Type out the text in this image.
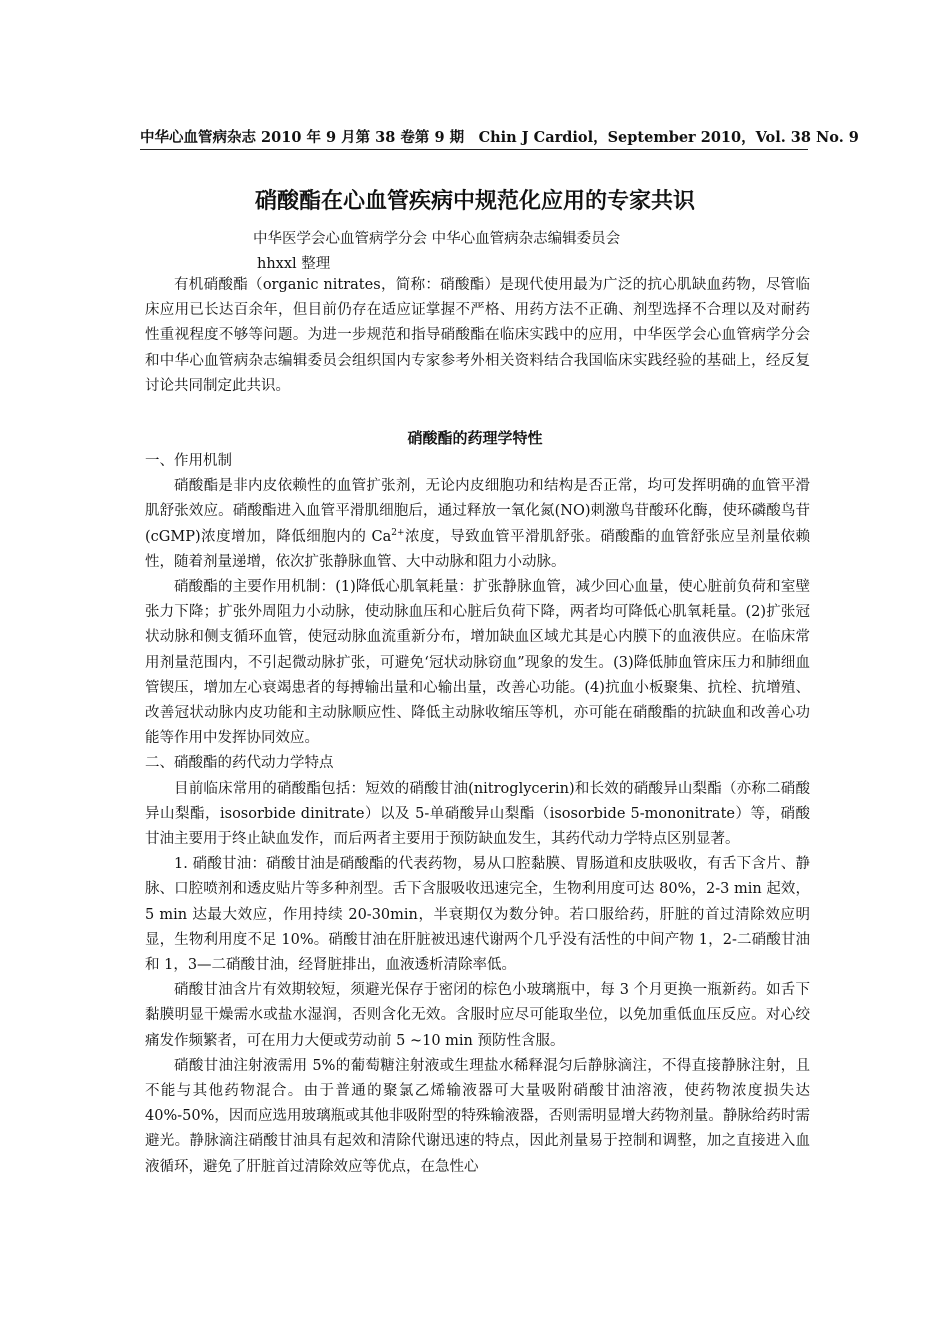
中华心血管病杂志 2010 年 9 月第 38 卷第 9 期　Chin J Cardiol，September 2010，Vol. 38 No. 9
硝酸酯在心血管疾病中规范化应用的专家共识
中华医学会心血管病学分会 中华心血管病杂志编辑委员会
hhxxl 整理

有机硝酸酯（organic nitrates，简称：硝酸酯）是现代使用最为广泛的抗心肌缺血药物，尽管临床应用已长达百余年，但目前仍存在适应证掌握不严格、用药方法不正确、剂型选择不合理以及对耐药性重视程度不够等问题。为进一步规范和指导硝酸酯在临床实践中的应用，中华医学会心血管病学分会和中华心血管病杂志编辑委员会组织国内专家参考外相关资料结合我国临床实践经验的基础上，经反复讨论共同制定此共识。

硝酸酯的药理学特性

一、作用机制

硝酸酯是非内皮依赖性的血管扩张剂，无论内皮细胞功和结构是否正常，均可发挥明确的血管平滑肌舒张效应。硝酸酯进入血管平滑肌细胞后，通过释放一氧化氮(NO)刺激鸟苷酸环化酶，使环磷酸鸟苷(cGMP)浓度增加，降低细胞内的 $Ca^{2+}$浓度，导致血管平滑肌舒张。硝酸酯的血管舒张应呈剂量依赖性，随着剂量递增，依次扩张静脉血管、大中动脉和阻力小动脉。

硝酸酯的主要作用机制：(1)降低心肌氧耗量：扩张静脉血管，减少回心血量，使心脏前负荷和室壁张力下降；扩张外周阻力小动脉，使动脉血压和心脏后负荷下降，两者均可降低心肌氧耗量。(2)扩张冠状动脉和侧支循环血管，使冠动脉血流重新分布，增加缺血区域尤其是心内膜下的血液供应。在临床常用剂量范围内，不引起微动脉扩张，可避免‘冠状动脉窃血”现象的发生。(3)降低肺血管床压力和肺细血管锲压，增加左心衰竭患者的每搏输出量和心输出量，改善心功能。(4)抗血小板聚集、抗栓、抗增殖、改善冠状动脉内皮功能和主动脉顺应性、降低主动脉收缩压等机，亦可能在硝酸酯的抗缺血和改善心功能等作用中发挥协同效应。

二、硝酸酯的药代动力学特点

目前临床常用的硝酸酯包括：短效的硝酸甘油(nitroglycerin)和长效的硝酸异山梨酯（亦称二硝酸异山梨酯，isosorbide dinitrate）以及 5-单硝酸异山梨酯（isosorbide 5-mononitrate）等，硝酸甘油主要用于终止缺血发作，而后两者主要用于预防缺血发生，其药代动力学特点区别显著。

1. 硝酸甘油：硝酸甘油是硝酸酯的代表药物，易从口腔黏膜、胃肠道和皮肤吸收，有舌下含片、静脉、口腔喷剂和透皮贴片等多种剂型。舌下含服吸收迅速完全，生物利用度可达 80%，2-3 min 起效，5 min 达最大效应，作用持续 20-30min，半衰期仅为数分钟。若口服给药，肝脏的首过清除效应明显，生物利用度不足 10%。硝酸甘油在肝脏被迅速代谢两个几乎没有活性的中间产物 1，2-二硝酸甘油和 1，3—二硝酸甘油，经肾脏排出，血液透析清除率低。

硝酸甘油含片有效期较短，须避光保存于密闭的棕色小玻璃瓶中，每 3 个月更换一瓶新药。如舌下黏膜明显干燥需水或盐水湿润，否则含化无效。含服时应尽可能取坐位，以免加重低血压反应。对心绞痛发作频繁者，可在用力大便或劳动前 5 ~10 min 预防性含服。

硝酸甘油注射液需用 5%的葡萄糖注射液或生理盐水稀释混匀后静脉滴注，不得直接静脉注射，且不能与其他药物混合。由于普通的聚氯乙烯输液器可大量吸附硝酸甘油溶液，使药物浓度损失达 40%-50%，因而应选用玻璃瓶或其他非吸附型的特殊输液器，否则需明显增大药物剂量。静脉给药时需避光。静脉滴注硝酸甘油具有起效和清除代谢迅速的特点，因此剂量易于控制和调整，加之直接进入血液循环，避免了肝脏首过清除效应等优点，在急性心
